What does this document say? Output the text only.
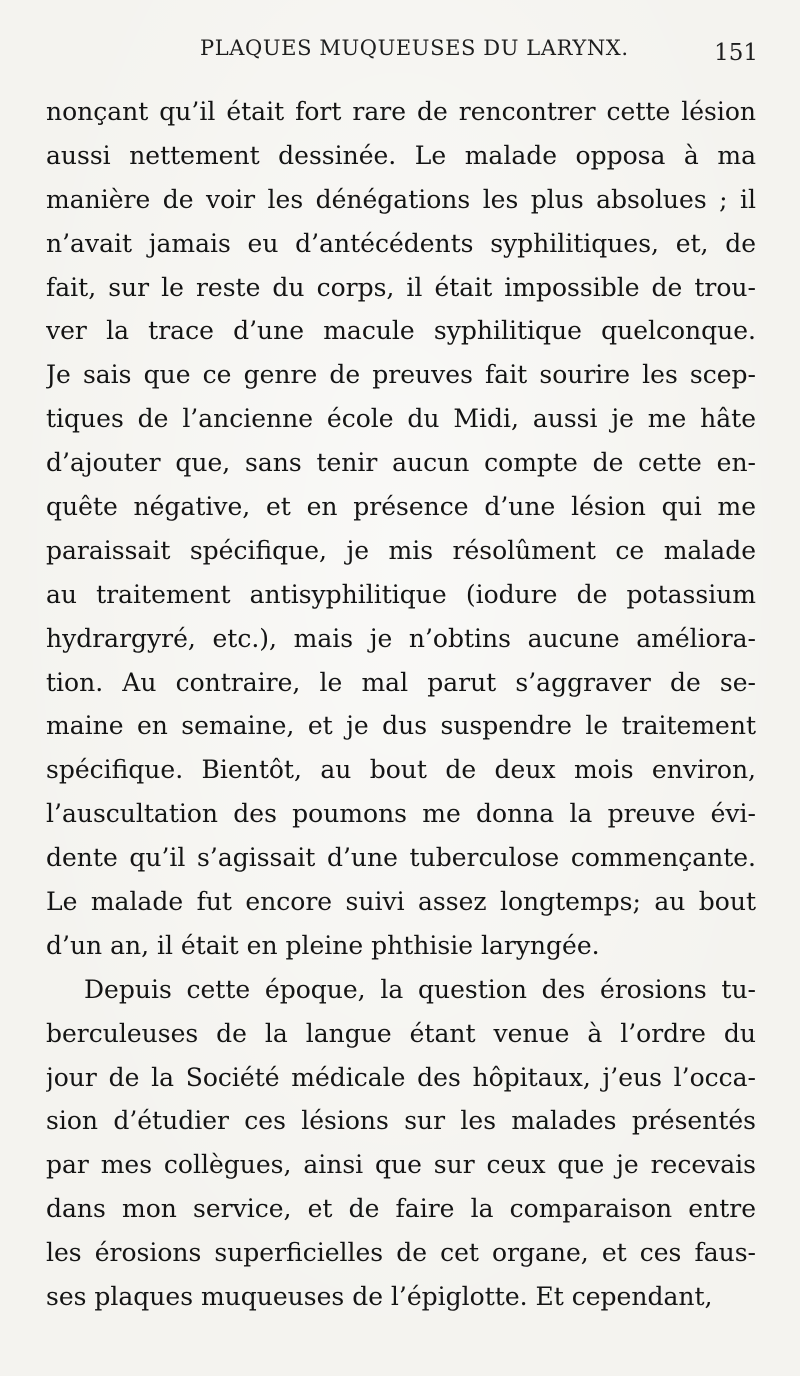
PLAQUES MUQUEUSES DU LARYNX.	151
nonçant qu’il était fort rare de rencontrer cette lésion
aussi nettement dessinée. Le malade opposa à ma
manière de voir les dénégations les plus absolues ; il
n’avait jamais eu d’antécédents syphilitiques, et, de
fait, sur le reste du corps, il était impossible de trou-
ver la trace d’une macule syphilitique quelconque.
Je sais que ce genre de preuves fait sourire les scep-
tiques de l’ancienne école du Midi, aussi je me hâte
d’ajouter que, sans tenir aucun compte de cette en-
quête négative, et en présence d’une lésion qui me
paraissait spécifique, je mis résolûment ce malade
au traitement antisyphilitique (iodure de potassium
hydrargyré, etc.), mais je n’obtins aucune améliora-
tion. Au contraire, le mal parut s’aggraver de se-
maine en semaine, et je dus suspendre le traitement
spécifique. Bientôt, au bout de deux mois environ,
l’auscultation des poumons me donna la preuve évi-
dente qu’il s’agissait d’une tuberculose commençante.
Le malade fut encore suivi assez longtemps; au bout
d’un an, il était en pleine phthisie laryngée.
Depuis cette époque, la question des érosions tu-
berculeuses de la langue étant venue à l’ordre du
jour de la Société médicale des hôpitaux, j’eus l’occa-
sion d’étudier ces lésions sur les malades présentés
par mes collègues, ainsi que sur ceux que je recevais
dans mon service, et de faire la comparaison entre
les érosions superficielles de cet organe, et ces faus-
ses plaques muqueuses de l’épiglotte. Et cependant,
